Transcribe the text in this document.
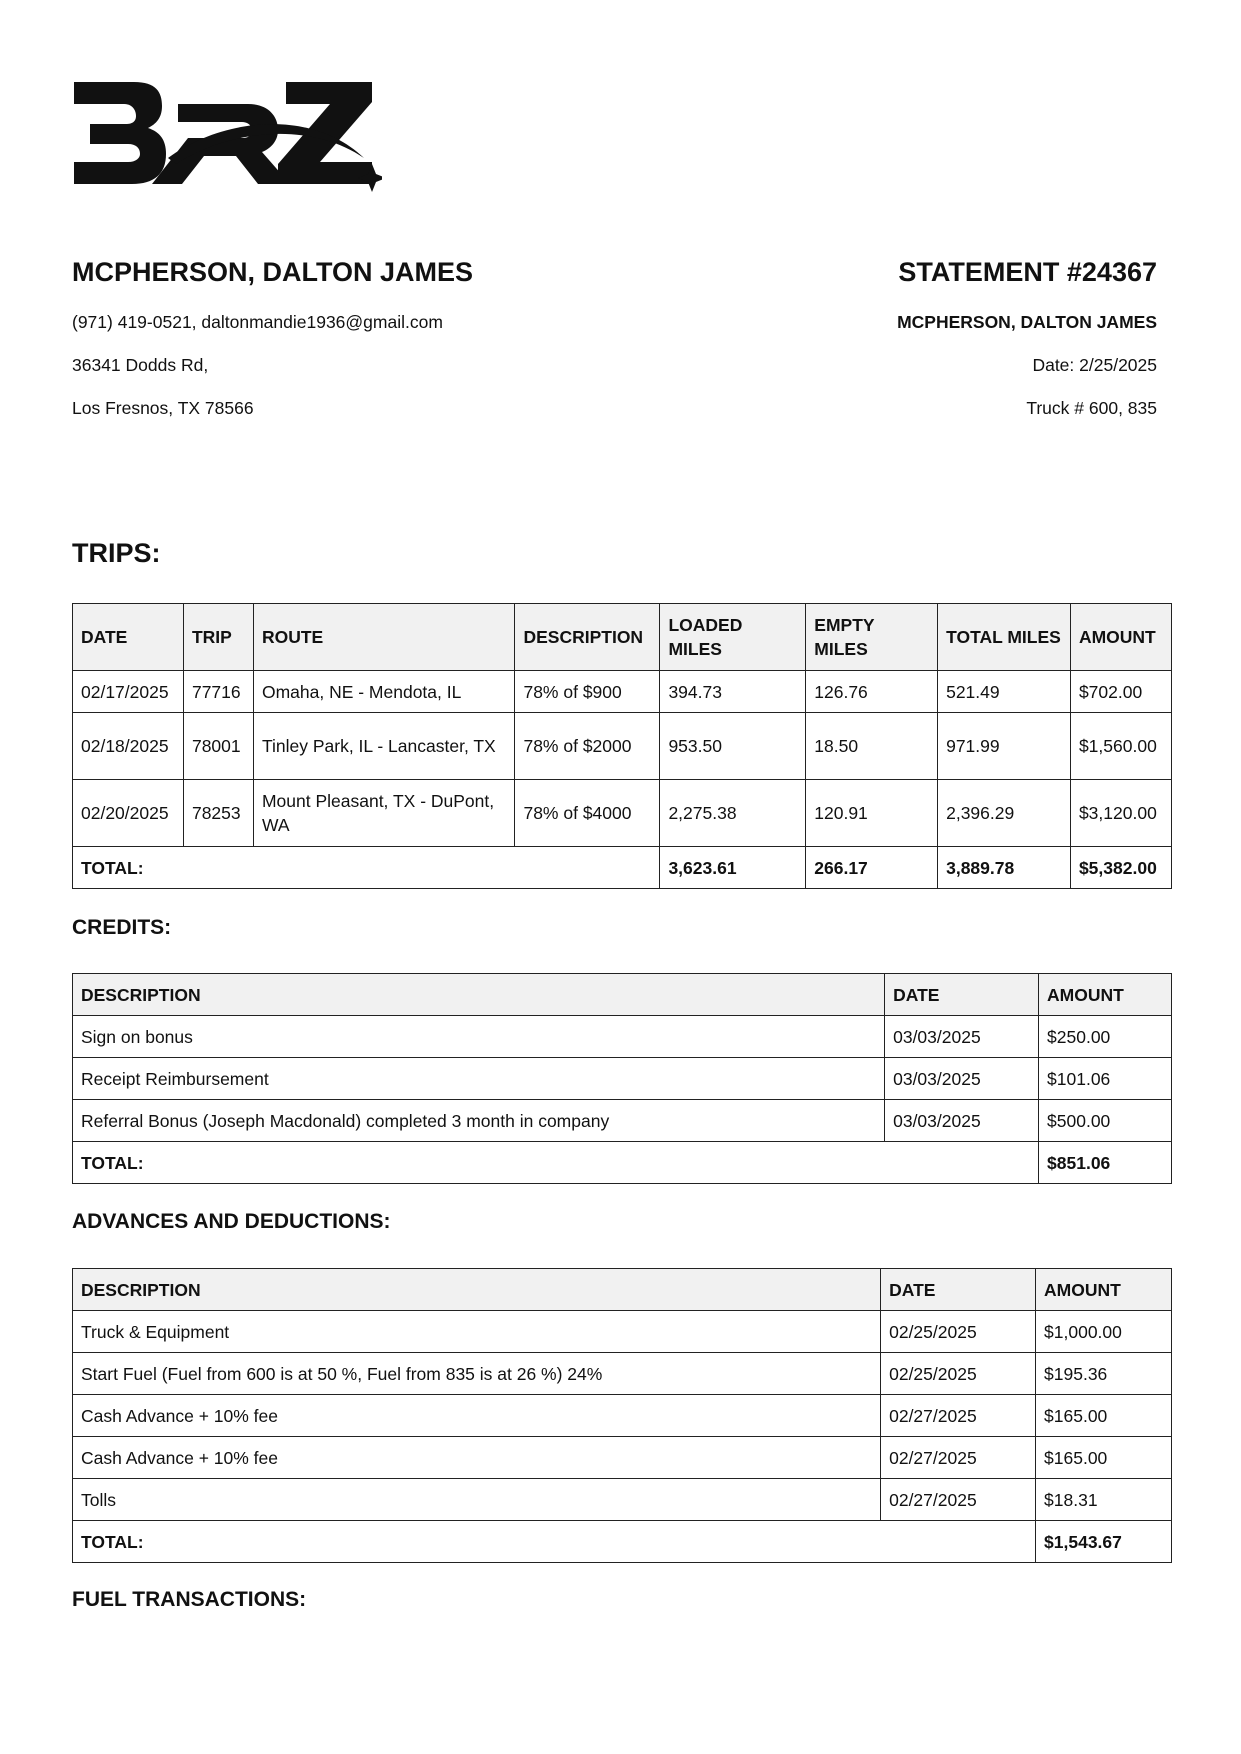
MCPHERSON, DALTON JAMES
(971) 419-0521, daltonmandie1936@gmail.com
36341 Dodds Rd,
Los Fresnos, TX 78566
STATEMENT #24367
MCPHERSON, DALTON JAMES
Date: 2/25/2025
Truck # 600, 835
TRIPS:
DATE	TRIP	ROUTE	DESCRIPTION	LOADED MILES	EMPTY MILES	TOTAL MILES	AMOUNT
02/17/2025	77716	Omaha, NE - Mendota, IL	78% of $900	394.73	126.76	521.49	$702.00
02/18/2025	78001	Tinley Park, IL - Lancaster, TX	78% of $2000	953.50	18.50	971.99	$1,560.00
02/20/2025	78253	Mount Pleasant, TX - DuPont, WA	78% of $4000	2,275.38	120.91	2,396.29	$3,120.00
TOTAL:				3,623.61	266.17	3,889.78	$5,382.00
CREDITS:
DESCRIPTION	DATE	AMOUNT
Sign on bonus	03/03/2025	$250.00
Receipt Reimbursement	03/03/2025	$101.06
Referral Bonus (Joseph Macdonald) completed 3 month in company	03/03/2025	$500.00
TOTAL:		$851.06
ADVANCES AND DEDUCTIONS:
DESCRIPTION	DATE	AMOUNT
Truck & Equipment	02/25/2025	$1,000.00
Start Fuel (Fuel from 600 is at 50 %, Fuel from 835 is at 26 %) 24%	02/25/2025	$195.36
Cash Advance + 10% fee	02/27/2025	$165.00
Cash Advance + 10% fee	02/27/2025	$165.00
Tolls	02/27/2025	$18.31
TOTAL:		$1,543.67
FUEL TRANSACTIONS:
